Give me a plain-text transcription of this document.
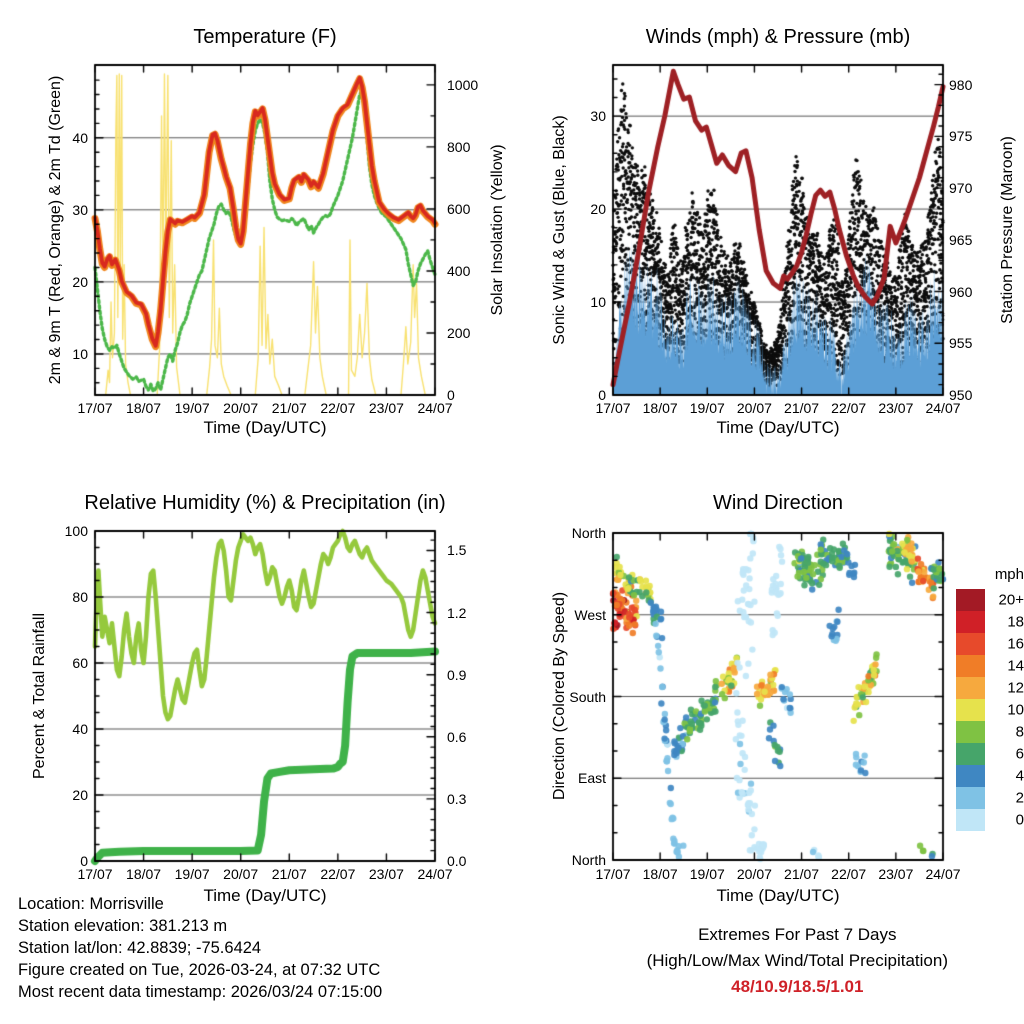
Temperature (F)	Winds (mph) & Pressure (mb)
Relative Humidity (%) & Precipitation (in)	Wind Direction
2m & 9m T (Red, Orange) & 2m Td (Green)	Solar Insolation (Yellow)	Sonic Wind & Gust (Blue, Black)	Station Pressure (Maroon)
Percent & Total Rainfall	Direction (Colored By Speed)
Time (Day/UTC)	Time (Day/UTC)
Time (Day/UTC)	Time (Day/UTC)
mph
Location: Morrisville
Station elevation: 381.213 m
Station lat/lon: 42.8839; -75.6424
Figure created on Tue, 2026-03-24, at 07:32 UTC
Most recent data timestamp: 2026/03/24 07:15:00
Extremes For Past 7 Days
(High/Low/Max Wind/Total Precipitation)
48/10.9/18.5/1.01
10
20
30
40
0
200
400
600
800
1000
17/07 18/07 19/07 20/07 21/07 22/07 23/07 24/07
0
10
20
30
950
955
960
965
970
975
980
17/07 18/07 19/07 20/07 21/07 22/07 23/07 24/07
0
20
40
60
80
100
0.0
0.3
0.6
0.9
1.2
1.5
17/07 18/07 19/07 20/07 21/07 22/07 23/07 24/07
North
West
South
East
North
17/07 18/07 19/07 20/07 21/07 22/07 23/07 24/07
20+
18
16
14
12
10
8
6
4
2
0
